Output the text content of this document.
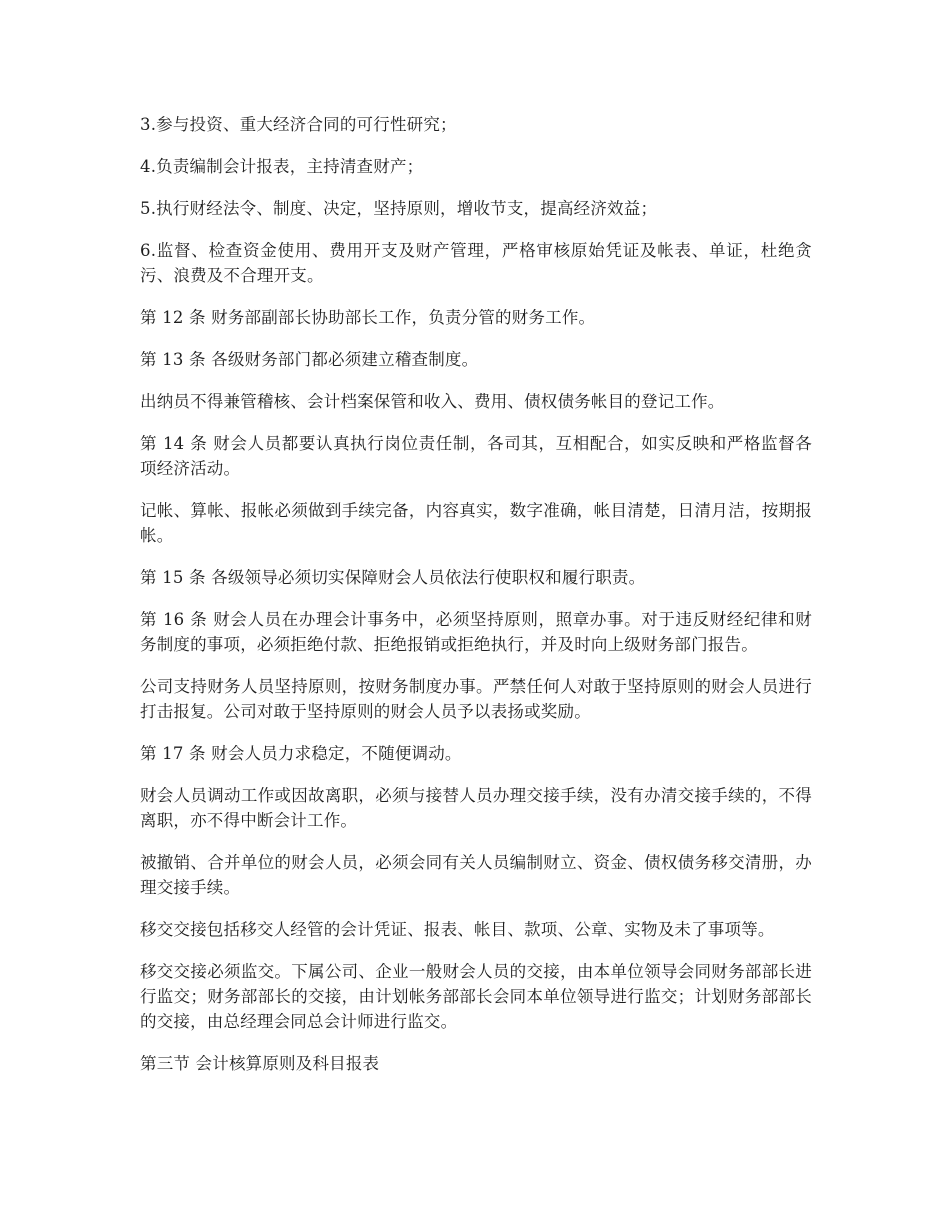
3.参与投资、重大经济合同的可行性研究；

4.负责编制会计报表，主持清查财产；

5.执行财经法令、制度、决定，坚持原则，增收节支，提高经济效益；

6.监督、检查资金使用、费用开支及财产管理，严格审核原始凭证及帐表、单证，杜绝贪污、浪费及不合理开支。

第 12 条 财务部副部长协助部长工作，负责分管的财务工作。

第 13 条 各级财务部门都必须建立稽查制度。

出纳员不得兼管稽核、会计档案保管和收入、费用、债权债务帐目的登记工作。

第 14 条 财会人员都要认真执行岗位责任制，各司其，互相配合，如实反映和严格监督各项经济活动。

记帐、算帐、报帐必须做到手续完备，内容真实，数字准确，帐目清楚，日清月洁，按期报帐。

第 15 条 各级领导必须切实保障财会人员依法行使职权和履行职责。

第 16 条 财会人员在办理会计事务中，必须坚持原则，照章办事。对于违反财经纪律和财务制度的事项，必须拒绝付款、拒绝报销或拒绝执行，并及时向上级财务部门报告。

公司支持财务人员坚持原则，按财务制度办事。严禁任何人对敢于坚持原则的财会人员进行打击报复。公司对敢于坚持原则的财会人员予以表扬或奖励。

第 17 条 财会人员力求稳定，不随便调动。

财会人员调动工作或因故离职，必须与接替人员办理交接手续，没有办清交接手续的，不得离职，亦不得中断会计工作。

被撤销、合并单位的财会人员，必须会同有关人员编制财立、资金、债权债务移交清册，办理交接手续。

移交交接包括移交人经管的会计凭证、报表、帐目、款项、公章、实物及未了事项等。

移交交接必须监交。下属公司、企业一般财会人员的交接，由本单位领导会同财务部部长进行监交；财务部部长的交接，由计划帐务部部长会同本单位领导进行监交；计划财务部部长的交接，由总经理会同总会计师进行监交。

第三节 会计核算原则及科目报表
